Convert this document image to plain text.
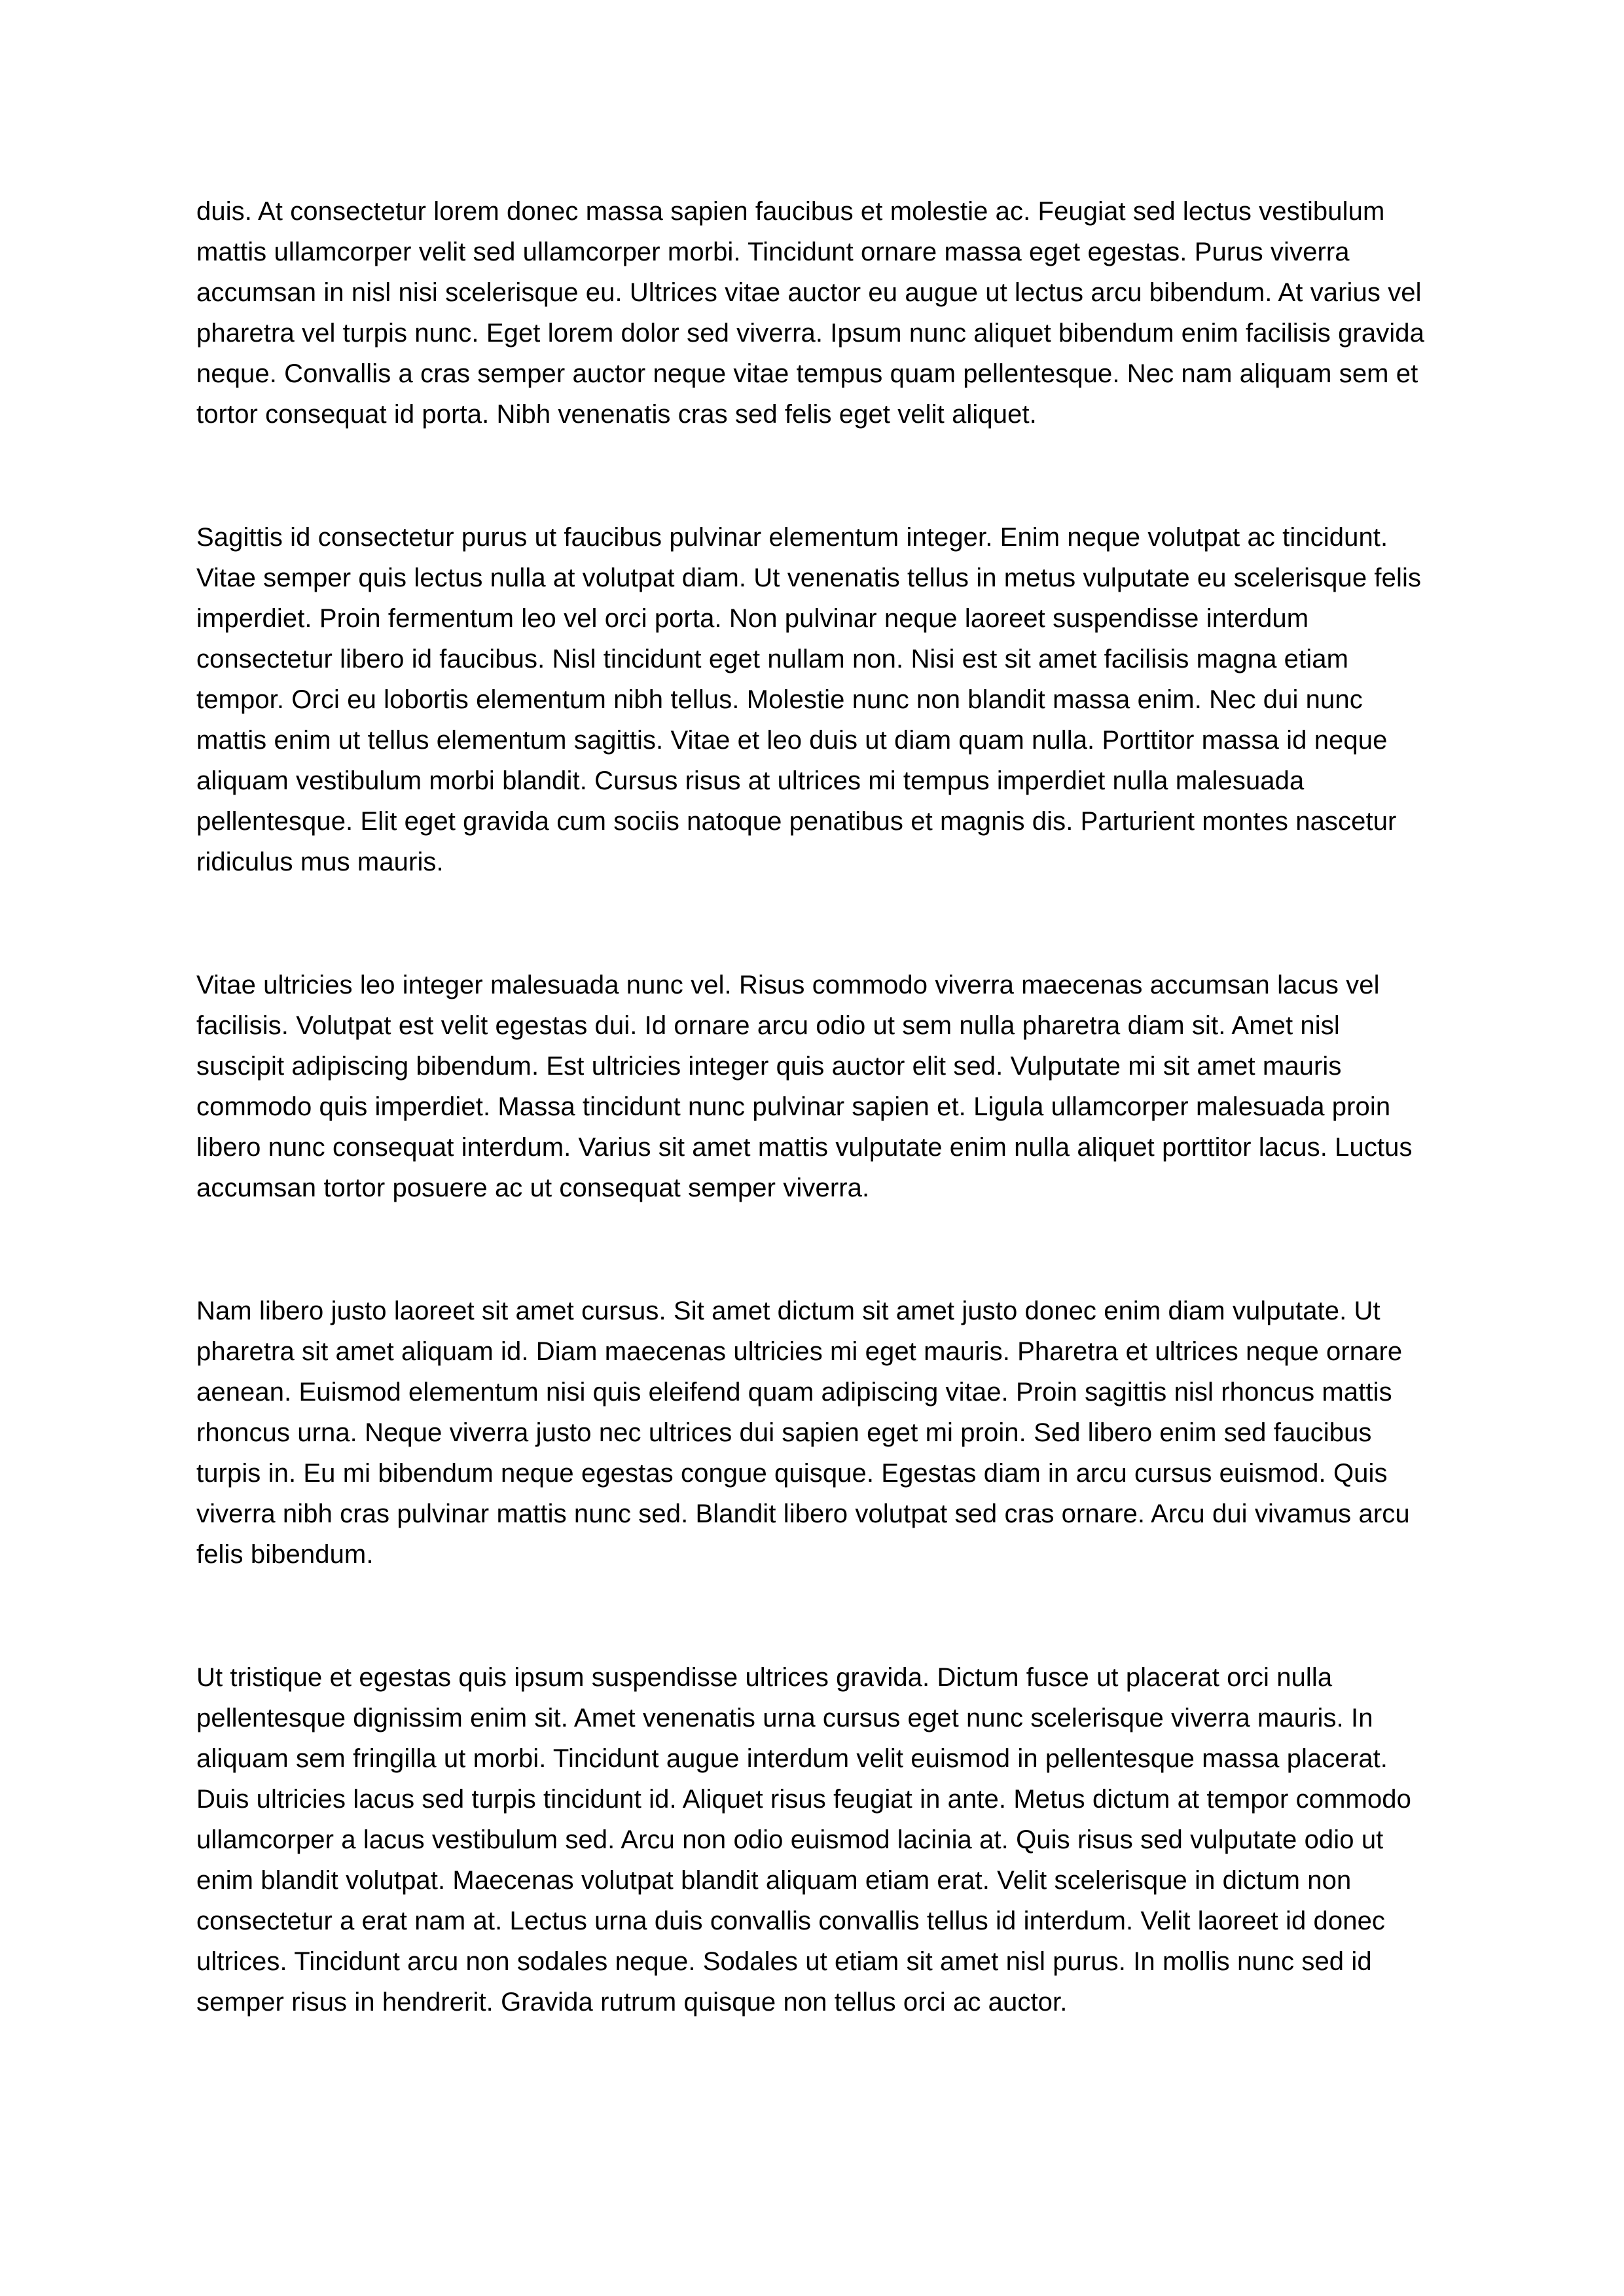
duis. At consectetur lorem donec massa sapien faucibus et molestie ac. Feugiat sed lectus vestibulum mattis ullamcorper velit sed ullamcorper morbi. Tincidunt ornare massa eget egestas. Purus viverra accumsan in nisl nisi scelerisque eu. Ultrices vitae auctor eu augue ut lectus arcu bibendum. At varius vel pharetra vel turpis nunc. Eget lorem dolor sed viverra. Ipsum nunc aliquet bibendum enim facilisis gravida neque. Convallis a cras semper auctor neque vitae tempus quam pellentesque. Nec nam aliquam sem et tortor consequat id porta. Nibh venenatis cras sed felis eget velit aliquet.

Sagittis id consectetur purus ut faucibus pulvinar elementum integer. Enim neque volutpat ac tincidunt. Vitae semper quis lectus nulla at volutpat diam. Ut venenatis tellus in metus vulputate eu scelerisque felis imperdiet. Proin fermentum leo vel orci porta. Non pulvinar neque laoreet suspendisse interdum consectetur libero id faucibus. Nisl tincidunt eget nullam non. Nisi est sit amet facilisis magna etiam tempor. Orci eu lobortis elementum nibh tellus. Molestie nunc non blandit massa enim. Nec dui nunc mattis enim ut tellus elementum sagittis. Vitae et leo duis ut diam quam nulla. Porttitor massa id neque aliquam vestibulum morbi blandit. Cursus risus at ultrices mi tempus imperdiet nulla malesuada pellentesque. Elit eget gravida cum sociis natoque penatibus et magnis dis. Parturient montes nascetur ridiculus mus mauris.

Vitae ultricies leo integer malesuada nunc vel. Risus commodo viverra maecenas accumsan lacus vel facilisis. Volutpat est velit egestas dui. Id ornare arcu odio ut sem nulla pharetra diam sit. Amet nisl suscipit adipiscing bibendum. Est ultricies integer quis auctor elit sed. Vulputate mi sit amet mauris commodo quis imperdiet. Massa tincidunt nunc pulvinar sapien et. Ligula ullamcorper malesuada proin libero nunc consequat interdum. Varius sit amet mattis vulputate enim nulla aliquet porttitor lacus. Luctus accumsan tortor posuere ac ut consequat semper viverra.

Nam libero justo laoreet sit amet cursus. Sit amet dictum sit amet justo donec enim diam vulputate. Ut pharetra sit amet aliquam id. Diam maecenas ultricies mi eget mauris. Pharetra et ultrices neque ornare aenean. Euismod elementum nisi quis eleifend quam adipiscing vitae. Proin sagittis nisl rhoncus mattis rhoncus urna. Neque viverra justo nec ultrices dui sapien eget mi proin. Sed libero enim sed faucibus turpis in. Eu mi bibendum neque egestas congue quisque. Egestas diam in arcu cursus euismod. Quis viverra nibh cras pulvinar mattis nunc sed. Blandit libero volutpat sed cras ornare. Arcu dui vivamus arcu felis bibendum.

Ut tristique et egestas quis ipsum suspendisse ultrices gravida. Dictum fusce ut placerat orci nulla pellentesque dignissim enim sit. Amet venenatis urna cursus eget nunc scelerisque viverra mauris. In aliquam sem fringilla ut morbi. Tincidunt augue interdum velit euismod in pellentesque massa placerat. Duis ultricies lacus sed turpis tincidunt id. Aliquet risus feugiat in ante. Metus dictum at tempor commodo ullamcorper a lacus vestibulum sed. Arcu non odio euismod lacinia at. Quis risus sed vulputate odio ut enim blandit volutpat. Maecenas volutpat blandit aliquam etiam erat. Velit scelerisque in dictum non consectetur a erat nam at. Lectus urna duis convallis convallis tellus id interdum. Velit laoreet id donec ultrices. Tincidunt arcu non sodales neque. Sodales ut etiam sit amet nisl purus. In mollis nunc sed id semper risus in hendrerit. Gravida rutrum quisque non tellus orci ac auctor.
